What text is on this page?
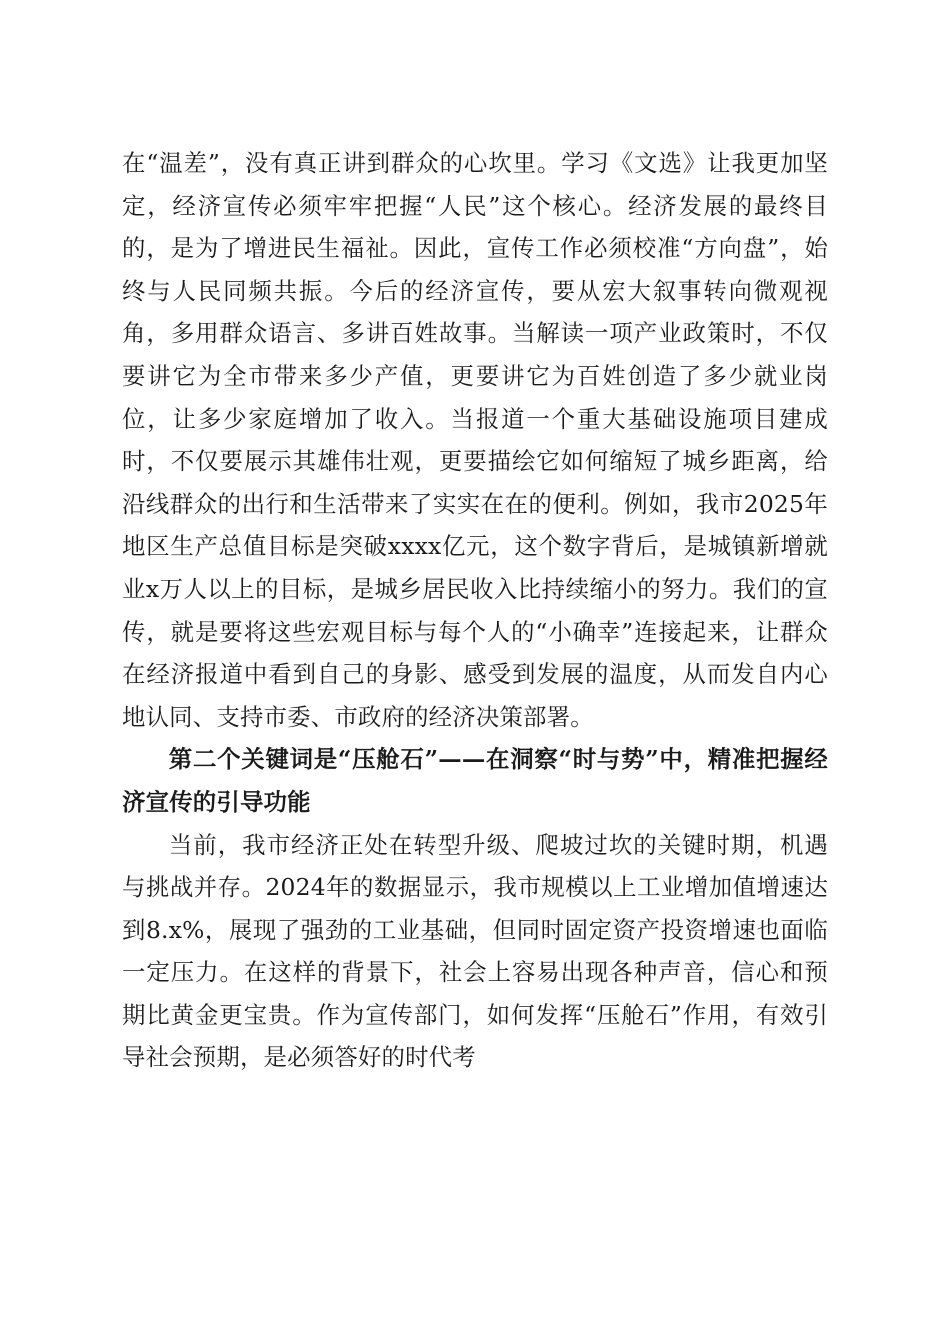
在“温差”，没有真正讲到群众的心坎里。学习《文选》让我更加坚定，经济宣传必须牢牢把握“人民”这个核心。经济发展的最终目的，是为了增进民生福祉。因此，宣传工作必须校准“方向盘”，始终与人民同频共振。今后的经济宣传，要从宏大叙事转向微观视角，多用群众语言、多讲百姓故事。当解读一项产业政策时，不仅要讲它为全市带来多少产值，更要讲它为百姓创造了多少就业岗位，让多少家庭增加了收入。当报道一个重大基础设施项目建成时，不仅要展示其雄伟壮观，更要描绘它如何缩短了城乡距离，给沿线群众的出行和生活带来了实实在在的便利。例如，我市2025年地区生产总值目标是突破xxxx亿元，这个数字背后，是城镇新增就业x万人以上的目标，是城乡居民收入比持续缩小的努力。我们的宣传，就是要将这些宏观目标与每个人的“小确幸”连接起来，让群众在经济报道中看到自己的身影、感受到发展的温度，从而发自内心地认同、支持市委、市政府的经济决策部署。

第二个关键词是“压舱石”——在洞察“时与势”中，精准把握经济宣传的引导功能

当前，我市经济正处在转型升级、爬坡过坎的关键时期，机遇与挑战并存。2024年的数据显示，我市规模以上工业增加值增速达到8.x%，展现了强劲的工业基础，但同时固定资产投资增速也面临一定压力。在这样的背景下，社会上容易出现各种声音，信心和预期比黄金更宝贵。作为宣传部门，如何发挥“压舱石”作用，有效引导社会预期，是必须答好的时代考
